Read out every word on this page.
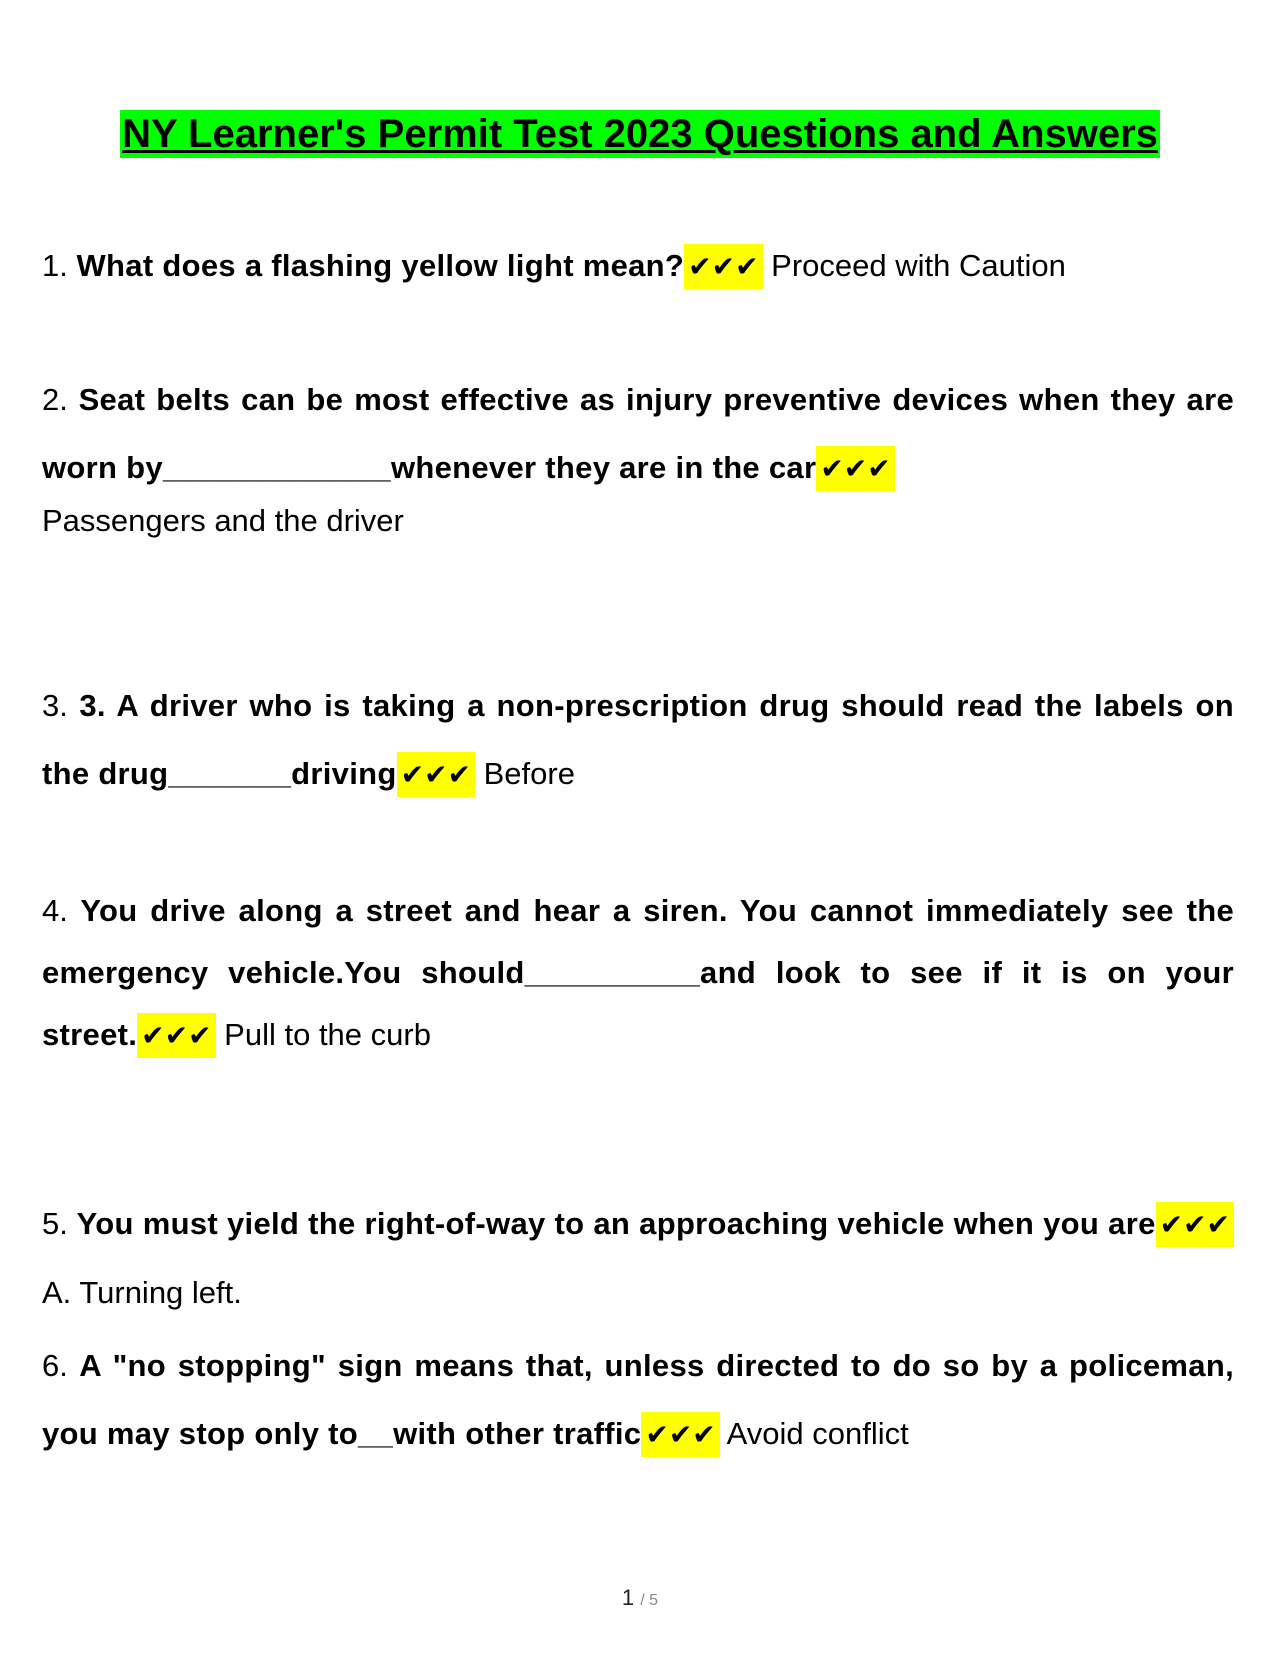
NY Learner's Permit Test 2023 Questions and Answers
1. What does a flashing yellow light mean? ✔✔✔ Proceed with Caution
2. Seat belts can be most effective as injury preventive devices when they are worn by_____________whenever they are in the car ✔✔✔
Passengers and the driver
3. 3. A driver who is taking a non-prescription drug should read the labels on the drug_______driving ✔✔✔ Before
4. You drive along a street and hear a siren. You cannot immediately see the emergency vehicle.You should__________and look to see if it is on your street. ✔✔✔ Pull to the curb
5. You must yield the right-of-way to an approaching vehicle when you are ✔✔✔ A. Turning left.
6. A "no stopping" sign means that, unless directed to do so by a policeman, you may stop only to__with other traffic ✔✔✔ Avoid conflict
1 / 5
